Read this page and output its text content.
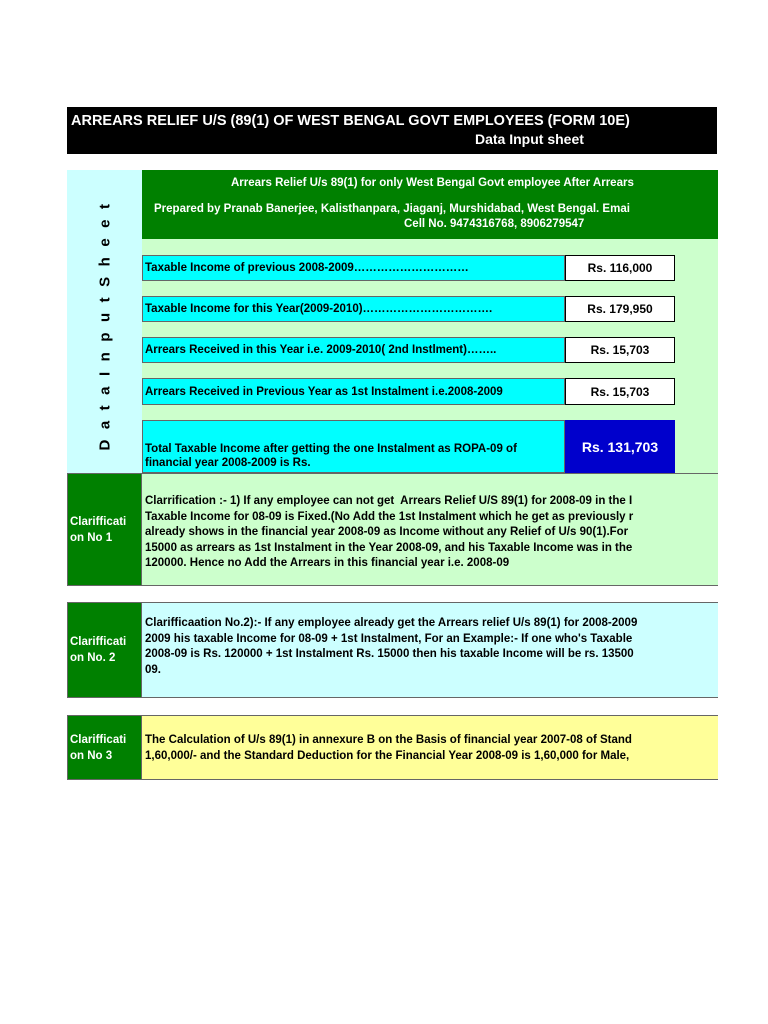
ARREARS RELIEF U/S (89(1) OF WEST BENGAL GOVT EMPLOYEES (FORM 10E)
Data Input sheet
DataInputSheet
Arrears Relief U/s 89(1) for only West Bengal Govt employee After Arrears
Prepared by Pranab Banerjee, Kalisthanpara, Jiaganj, Murshidabad, West Bengal. Emai
Cell No. 9474316768, 8906279547
Taxable Income of previous 2008-2009…………………………	Rs. 116,000
Taxable Income for this Year(2009-2010)…………………………….	Rs. 179,950
Arrears Received in this Year i.e. 2009-2010( 2nd Instlment)……..	Rs. 15,703
Arrears Received in Previous Year as 1st Instalment i.e.2008-2009	Rs. 15,703
Total Taxable Income after getting the one Instalment as ROPA-09 of
financial year 2008-2009 is Rs.
Rs. 131,703
Clarifficati
on No 1
Clarrification :- 1) If any employee can not get  Arrears Relief U/S 89(1) for 2008-09 in the I
Taxable Income for 08-09 is Fixed.(No Add the 1st Instalment which he get as previously r
already shows in the financial year 2008-09 as Income without any Relief of U/s 90(1).For
15000 as arrears as 1st Instalment in the Year 2008-09, and his Taxable Income was in the
120000. Hence no Add the Arrears in this financial year i.e. 2008-09
Clarifficati
on No. 2
Clarifficaation No.2):- If any employee already get the Arrears relief U/s 89(1) for 2008-2009
2009 his taxable Income for 08-09 + 1st Instalment, For an Example:- If one who's Taxable
2008-09 is Rs. 120000 + 1st Instalment Rs. 15000 then his taxable Income will be rs. 13500
09.
Clarifficati
on No 3
The Calculation of U/s 89(1) in annexure B on the Basis of financial year 2007-08 of Stand
1,60,000/- and the Standard Deduction for the Financial Year 2008-09 is 1,60,000 for Male,
